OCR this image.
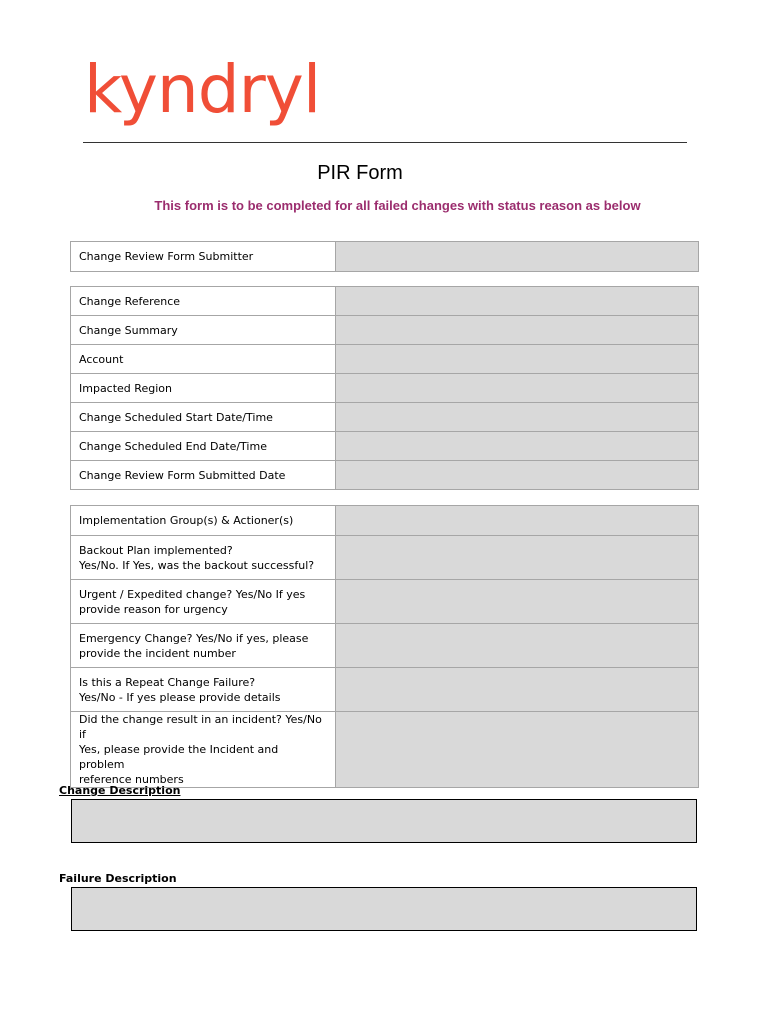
kyndryl
PIR Form
This form is to be completed for all failed changes with status reason as below
Change Review Form Submitter	
Change Reference	
Change Summary	
Account	
Impacted Region	
Change Scheduled Start Date/Time	
Change Scheduled End Date/Time	
Change Review Form Submitted Date	
Implementation Group(s) & Actioner(s)	

Backout Plan implemented?
Yes/No. If Yes, was the backout successful?	

Urgent / Expedited change? Yes/No If yes
provide reason for urgency	

Emergency Change? Yes/No if yes, please
provide the incident number	

Is this a Repeat Change Failure?
Yes/No - If yes please provide details	

Did the change result in an incident? Yes/No if
Yes, please provide the Incident and problem
reference numbers	

Change Description
Failure Description
